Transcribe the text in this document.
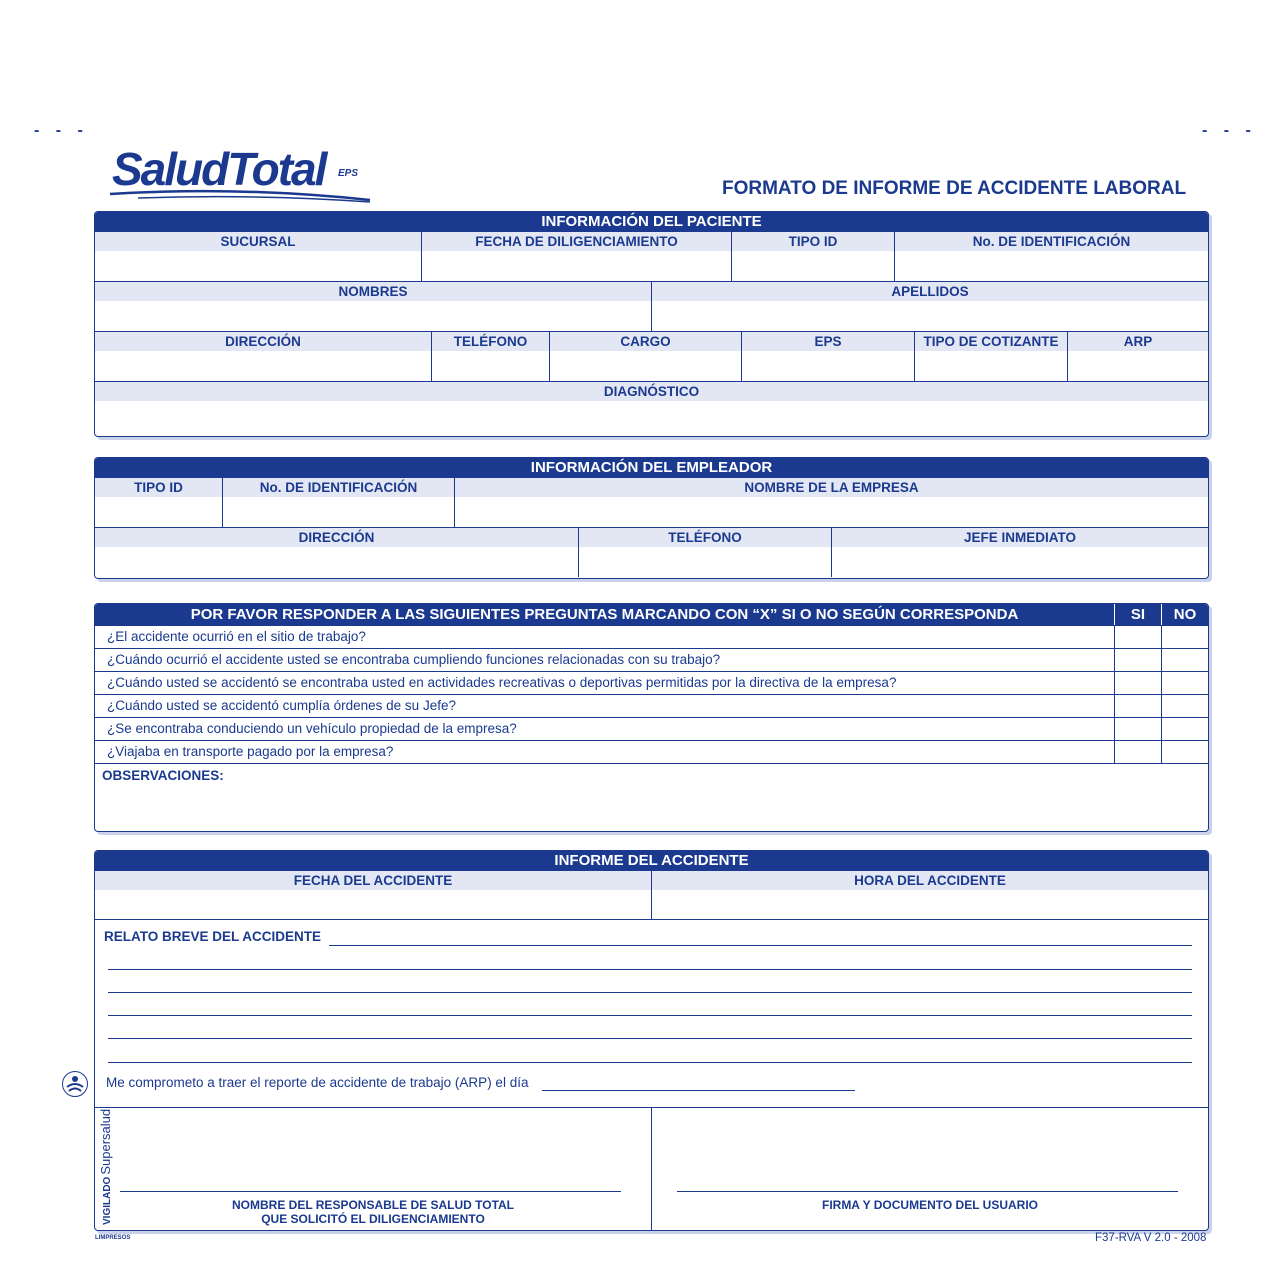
- - -	- - -
SaludTotal EPS
FORMATO DE INFORME DE ACCIDENTE LABORAL
INFORMACIÓN DEL PACIENTE
SUCURSAL	FECHA DE DILIGENCIAMIENTO	TIPO ID	No. DE IDENTIFICACIÓN
NOMBRES	APELLIDOS
DIRECCIÓN	TELÉFONO	CARGO	EPS	TIPO DE COTIZANTE	ARP
DIAGNÓSTICO
INFORMACIÓN DEL EMPLEADOR
TIPO ID	No. DE IDENTIFICACIÓN	NOMBRE DE LA EMPRESA
DIRECCIÓN	TELÉFONO	JEFE INMEDIATO
POR FAVOR RESPONDER A LAS SIGUIENTES PREGUNTAS MARCANDO CON “X” SI O NO SEGÚN CORRESPONDA	SI	NO
¿El accidente ocurrió en el sitio de trabajo?
¿Cuándo ocurrió el accidente usted se encontraba cumpliendo funciones relacionadas con su trabajo?
¿Cuándo usted se accidentó se encontraba usted en actividades recreativas o deportivas permitidas por la directiva de la empresa?
¿Cuándo usted se accidentó cumplía órdenes de su Jefe?
¿Se encontraba conduciendo un vehículo propiedad de la empresa?
¿Viajaba en transporte pagado por la empresa?
OBSERVACIONES:
INFORME DEL ACCIDENTE
FECHA DEL ACCIDENTE	HORA DEL ACCIDENTE
RELATO BREVE DEL ACCIDENTE
Me comprometo a traer el reporte de accidente de trabajo (ARP) el día
NOMBRE DEL RESPONSABLE DE SALUD TOTAL
QUE SOLICITÓ EL DILIGENCIAMIENTO
FIRMA Y DOCUMENTO DEL USUARIO
VIGILADOSupersalud
LIMPRESOS	F37-RVA V 2.0 - 2008
